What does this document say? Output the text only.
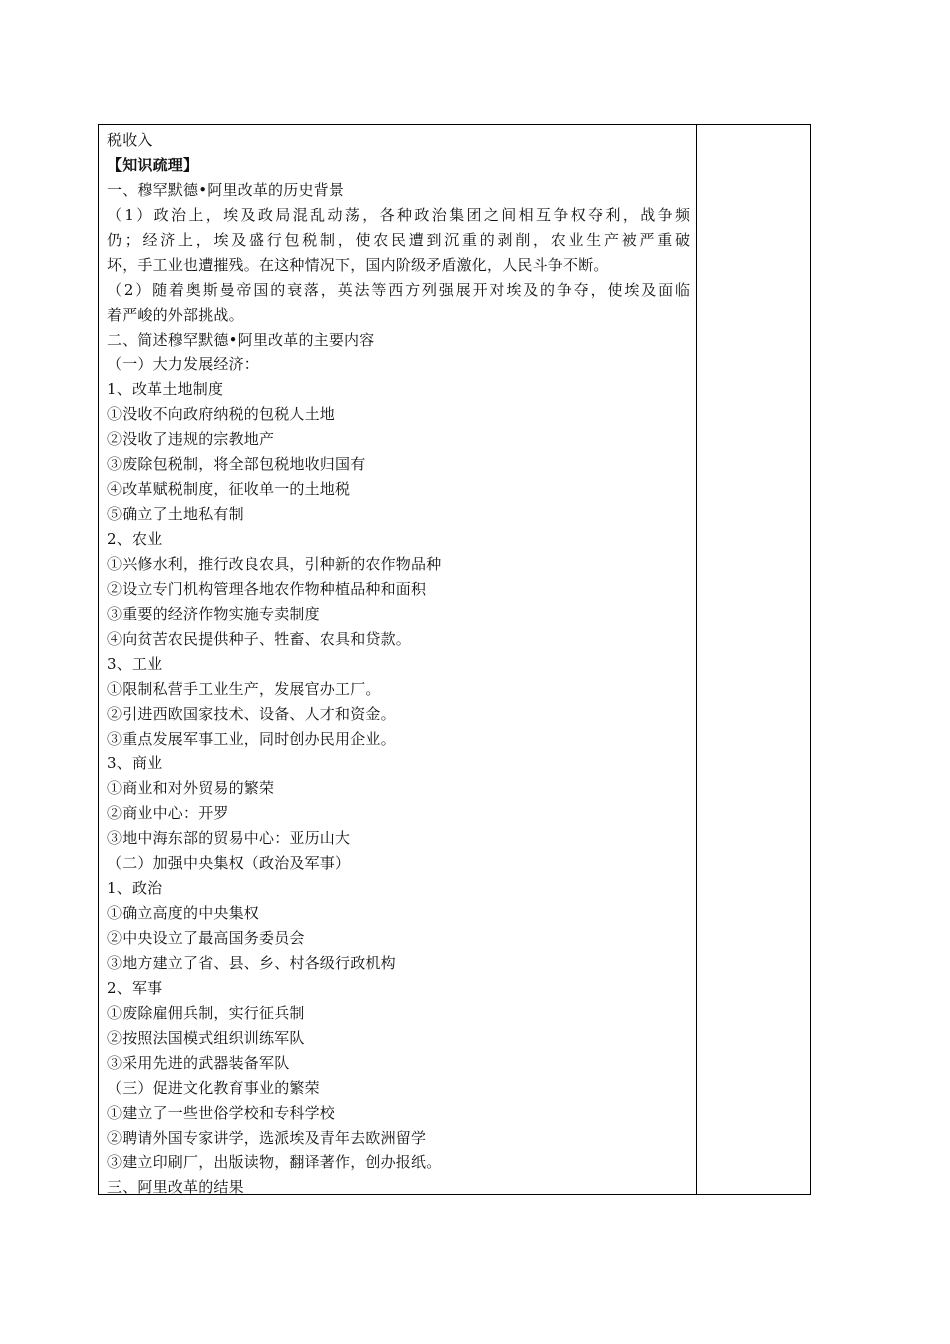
税收入
【知识疏理】
一、穆罕默德•阿里改革的历史背景
（1）政治上，埃及政局混乱动荡，各种政治集团之间相互争权夺利，战争频
仍；经济上，埃及盛行包税制，使农民遭到沉重的剥削，农业生产被严重破
坏，手工业也遭摧残。在这种情况下，国内阶级矛盾激化，人民斗争不断。
（2）随着奥斯曼帝国的衰落，英法等西方列强展开对埃及的争夺，使埃及面临
着严峻的外部挑战。
二、简述穆罕默德•阿里改革的主要内容
（一）大力发展经济：
1、改革土地制度
①没收不向政府纳税的包税人土地
②没收了违规的宗教地产
③废除包税制，将全部包税地收归国有
④改革赋税制度，征收单一的土地税
⑤确立了土地私有制
2、农业
①兴修水利，推行改良农具，引种新的农作物品种
②设立专门机构管理各地农作物种植品种和面积
③重要的经济作物实施专卖制度
④向贫苦农民提供种子、牲畜、农具和贷款。
3、工业
①限制私营手工业生产，发展官办工厂。
②引进西欧国家技术、设备、人才和资金。
③重点发展军事工业，同时创办民用企业。
3、商业
①商业和对外贸易的繁荣
②商业中心：开罗
③地中海东部的贸易中心：亚历山大
（二）加强中央集权（政治及军事）
1、政治
①确立高度的中央集权
②中央设立了最高国务委员会
③地方建立了省、县、乡、村各级行政机构
2、军事
①废除雇佣兵制，实行征兵制
②按照法国模式组织训练军队
③采用先进的武器装备军队
（三）促进文化教育事业的繁荣
①建立了一些世俗学校和专科学校
②聘请外国专家讲学，选派埃及青年去欧洲留学
③建立印刷厂，出版读物，翻译著作，创办报纸。
三、阿里改革的结果
